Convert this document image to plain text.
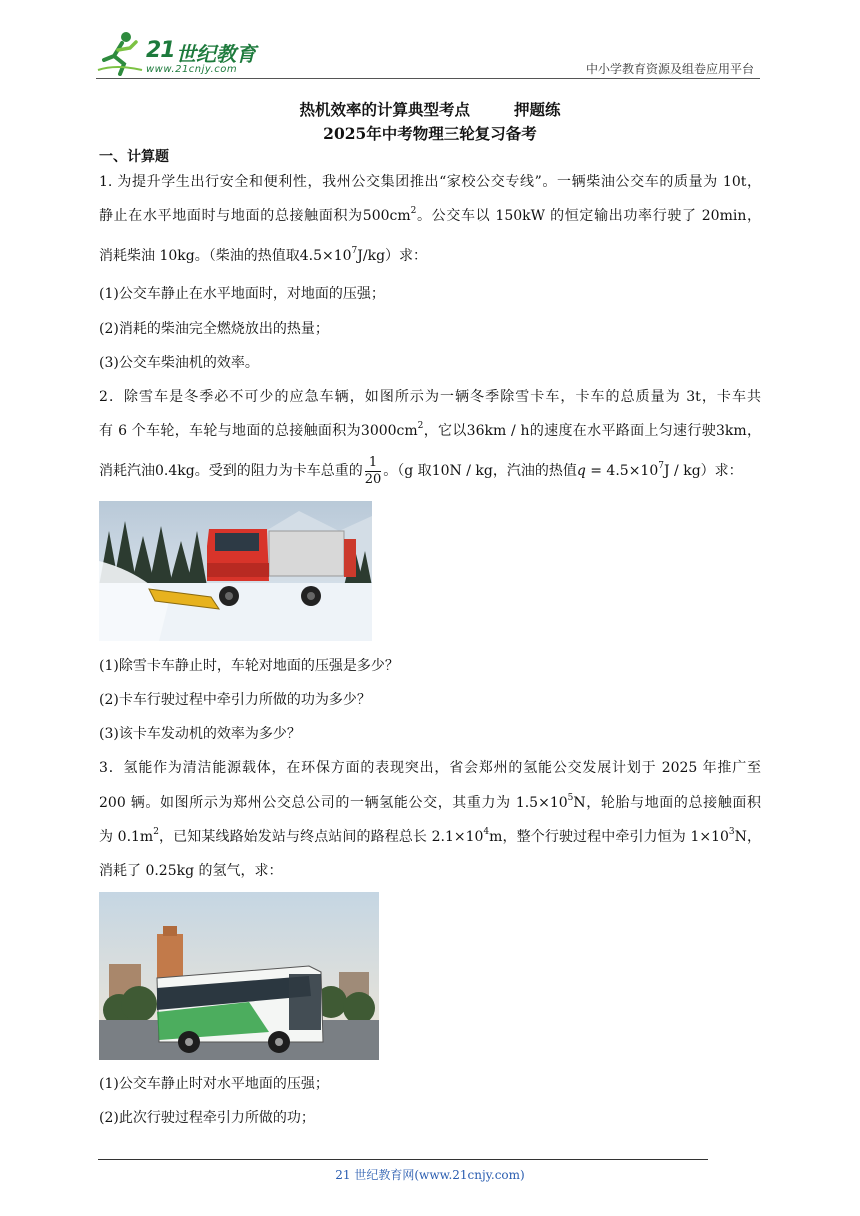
21 世纪教育
www.21cnjy.com	中小学教育资源及组卷应用平台
热机效率的计算典型考点	押题练
2025年中考物理三轮复习备考
一、计算题
1. 为提升学生出行安全和便利性，我州公交集团推出“家校公交专线”。一辆柴油公交车的质量为 10t，
静止在水平地面时与地面的总接触面积为$500cm^2$。公交车以 150kW 的恒定输出功率行驶了 20min，
消耗柴油 10kg。（柴油的热值取$4.5\times 10^7J/kg$）求：
(1)公交车静止在水平地面时，对地面的压强；
(2)消耗的柴油完全燃烧放出的热量；
(3)公交车柴油机的效率。
2．除雪车是冬季必不可少的应急车辆，如图所示为一辆冬季除雪卡车，卡车的总质量为 3t，卡车共
有 6 个车轮，车轮与地面的总接触面积为$3000cm^2$，它以36km / h的速度在水平路面上匀速行驶3km，
消耗汽油0.4kg。受到的阻力为卡车总重的 $\frac{1}{20}$ 。（g 取10N / kg，汽油的热值$q = 4.5\times 10^7J / kg$）求：
(1)除雪卡车静止时，车轮对地面的压强是多少？
(2)卡车行驶过程中牵引力所做的功为多少？
(3)该卡车发动机的效率为多少？
3．氢能作为清洁能源载体，在环保方面的表现突出，省会郑州的氢能公交发展计划于 2025 年推广至
200 辆。如图所示为郑州公交总公司的一辆氢能公交，其重力为 $1.5\times 10^5N$，轮胎与地面的总接触面积
为 $0.1m^2$，已知某线路始发站与终点站间的路程总长 $2.1\times 10^4m$，整个行驶过程中牵引力恒为 $1\times 10^3N$，
消耗了 0.25kg 的氢气，求：
(1)公交车静止时对水平地面的压强；
(2)此次行驶过程牵引力所做的功；
21 世纪教育网(www.21cnjy.com)
